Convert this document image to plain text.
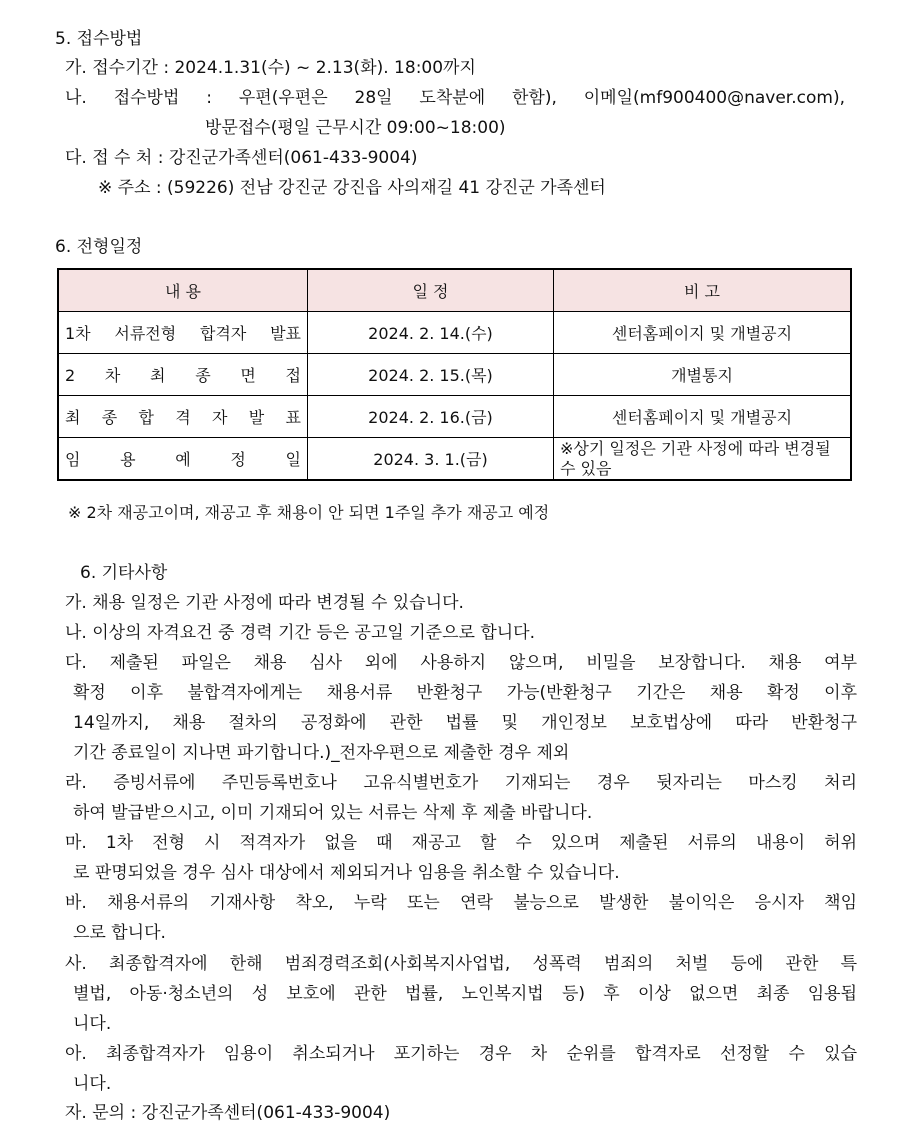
5. 접수방법
가. 접수기간 : 2024.1.31(수) ~ 2.13(화). 18:00까지
나. 접수방법 : 우편(우편은 28일 도착분에 한함), 이메일(mf900400@naver.com),
방문접수(평일 근무시간 09:00~18:00)
다. 접 수 처 : 강진군가족센터(061-433-9004)
※ 주소 : (59226) 전남 강진군 강진읍 사의재길 41 강진군 가족센터
6. 전형일정
내 용	일 정	비 고

1차 서류전형 합격자 발표	2024. 2. 14.(수)	센터홈페이지 및 개별공지

2 차 최 종 면 접	2024. 2. 15.(목)	개별통지

최 종 합 격 자 발 표	2024. 2. 16.(금)	센터홈페이지 및 개별공지

임 용 예 정 일	2024. 3. 1.(금)	※상기 일정은 기관 사정에 따라 변경될 수 있음
※ 2차 재공고이며, 재공고 후 채용이 안 되면 1주일 추가 재공고 예정
6. 기타사항
가. 채용 일정은 기관 사정에 따라 변경될 수 있습니다.
나. 이상의 자격요건 중 경력 기간 등은 공고일 기준으로 합니다.
다. 제출된 파일은 채용 심사 외에 사용하지 않으며, 비밀을 보장합니다. 채용 여부
확정 이후 불합격자에게는 채용서류 반환청구 가능(반환청구 기간은 채용 확정 이후
14일까지, 채용 절차의 공정화에 관한 법률 및 개인정보 보호법상에 따라 반환청구
기간 종료일이 지나면 파기합니다.)_전자우편으로 제출한 경우 제외
라. 증빙서류에 주민등록번호나 고유식별번호가 기재되는 경우 뒷자리는 마스킹 처리
하여 발급받으시고, 이미 기재되어 있는 서류는 삭제 후 제출 바랍니다.
마. 1차 전형 시 적격자가 없을 때 재공고 할 수 있으며 제출된 서류의 내용이 허위
로 판명되었을 경우 심사 대상에서 제외되거나 임용을 취소할 수 있습니다.
바. 채용서류의 기재사항 착오, 누락 또는 연락 불능으로 발생한 불이익은 응시자 책임
으로 합니다.
사. 최종합격자에 한해 범죄경력조회(사회복지사업법, 성폭력 범죄의 처벌 등에 관한 특
별법, 아동·청소년의 성 보호에 관한 법률, 노인복지법 등) 후 이상 없으면 최종 임용됩
니다.
아. 최종합격자가 임용이 취소되거나 포기하는 경우 차 순위를 합격자로 선정할 수 있습
니다.
자. 문의 : 강진군가족센터(061-433-9004)
